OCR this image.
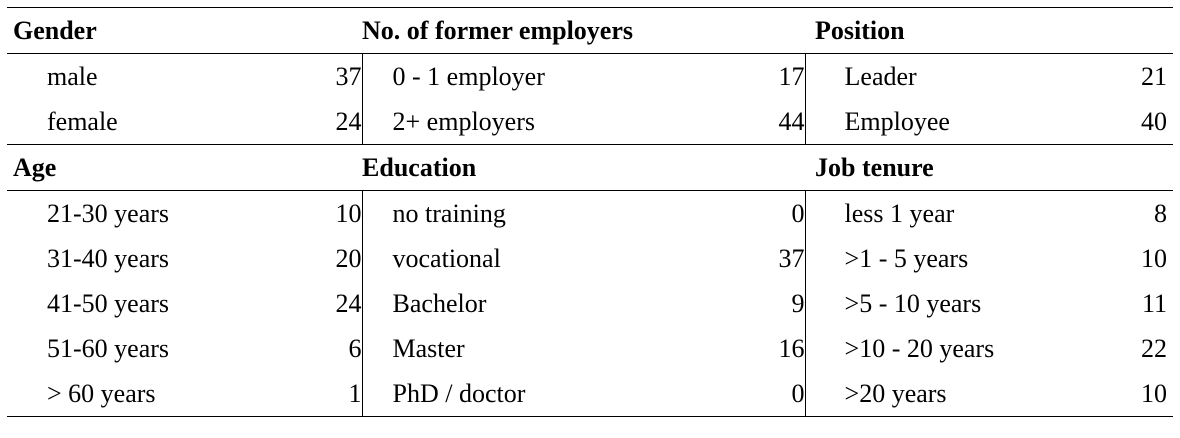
Gender		No. of former employers		Position	
male	37	0 - 1 employer	17	Leader	21
female	24	2+ employers	44	Employee	40
Age		Education		Job tenure	
21-30 years	10	no training	0	less 1 year	8
31-40 years	20	vocational	37	>1 - 5 years	10
41-50 years	24	Bachelor	9	>5 - 10 years	11
51-60 years	6	Master	16	>10 - 20 years	22
> 60 years	1	PhD / doctor	0	>20 years	10
